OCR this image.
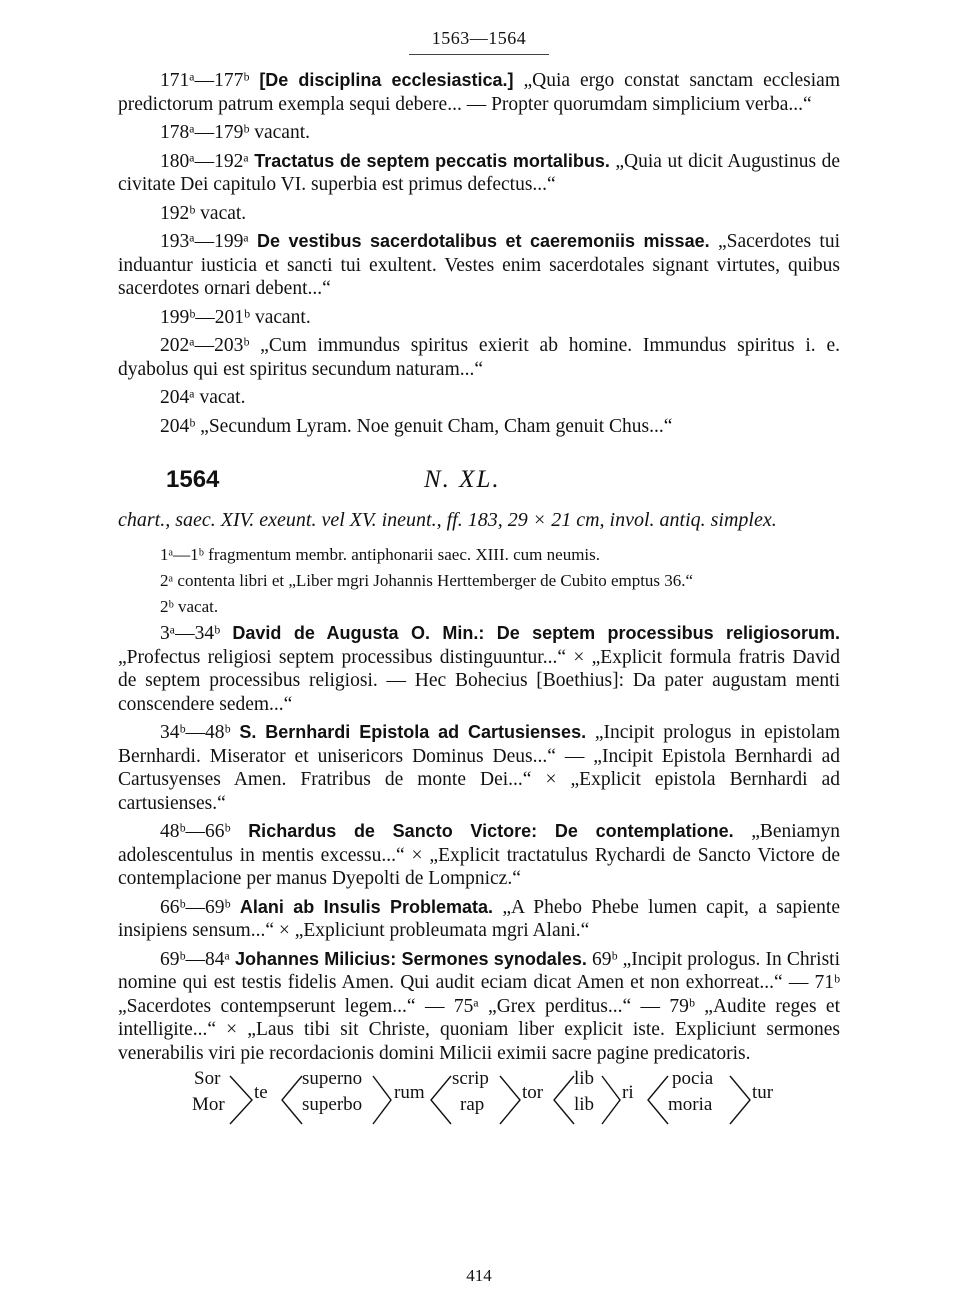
1563—1564

171ᵃ—177ᵇ [De disciplina ecclesiastica.] „Quia ergo constat sanctam ecclesiam predictorum patrum exempla sequi debere... — Propter quorumdam simplicium verba...“

178ᵃ—179ᵇ vacant.

180ᵃ—192ᵃ Tractatus de septem peccatis mortalibus. „Quia ut dicit Augustinus de civitate Dei capitulo VI. superbia est primus defectus...“

192ᵇ vacat.

193ᵃ—199ᵃ De vestibus sacerdotalibus et caeremoniis missae. „Sacerdotes tui induantur iusticia et sancti tui exultent. Vestes enim sacerdotales signant virtutes, quibus sacerdotes ornari debent...“

199ᵇ—201ᵇ vacant.

202ᵃ—203ᵇ „Cum immundus spiritus exierit ab homine. Immundus spiritus i. e. dyabolus qui est spiritus secundum naturam...“

204ᵃ vacat.

204ᵇ „Secundum Lyram. Noe genuit Cham, Cham genuit Chus...“

1564	N. XL.

chart., saec. XIV. exeunt. vel XV. ineunt., ff. 183, 29 × 21 cm, invol. antiq. simplex.

1ᵃ—1ᵇ fragmentum membr. antiphonarii saec. XIII. cum neumis.

2ᵃ contenta libri et „Liber mgri Johannis Herttemberger de Cubito emptus 36.“

2ᵇ vacat.

3ᵃ—34ᵇ David de Augusta O. Min.: De septem processibus religiosorum. „Profectus religiosi septem processibus distinguuntur...“ × „Explicit formula fratris David de septem processibus religiosi. — Hec Bohecius [Boethius]: Da pater augustam menti conscendere sedem...“

34ᵇ—48ᵇ S. Bernhardi Epistola ad Cartusienses. „Incipit prologus in epistolam Bernhardi. Miserator et unisericors Dominus Deus...“ — „Incipit Epistola Bernhardi ad Cartusyenses Amen. Fratribus de monte Dei...“ × „Explicit epistola Bernhardi ad cartusienses.“

48ᵇ—66ᵇ Richardus de Sancto Victore: De contemplatione. „Beniamyn adolescentulus in mentis excessu...“ × „Explicit tractatulus Rychardi de Sancto Victore de contemplacione per manus Dyepolti de Lompnicz.“

66ᵇ—69ᵇ Alani ab Insulis Problemata. „A Phebo Phebe lumen capit, a sapiente insipiens sensum...“ × „Expliciunt probleumata mgri Alani.“

69ᵇ—84ᵃ Johannes Milicius: Sermones synodales. 69ᵇ „Incipit prologus. In Christi nomine qui est testis fidelis Amen. Qui audit eciam dicat Amen et non exhorreat...“ — 71ᵇ „Sacerdotes contempserunt legem...“ — 75ᵃ „Grex perditus...“ — 79ᵇ „Audite reges et intelligite...“ × „Laus tibi sit Christe, quoniam liber explicit iste. Expliciunt sermones venerabilis viri pie recordacionis domini Milicii eximii sacre pagine predicatoris.

Sor
Mor
te
superno
superbo
rum
scrip
rap
tor
lib
lib
ri
pocia
moria
tur
414
